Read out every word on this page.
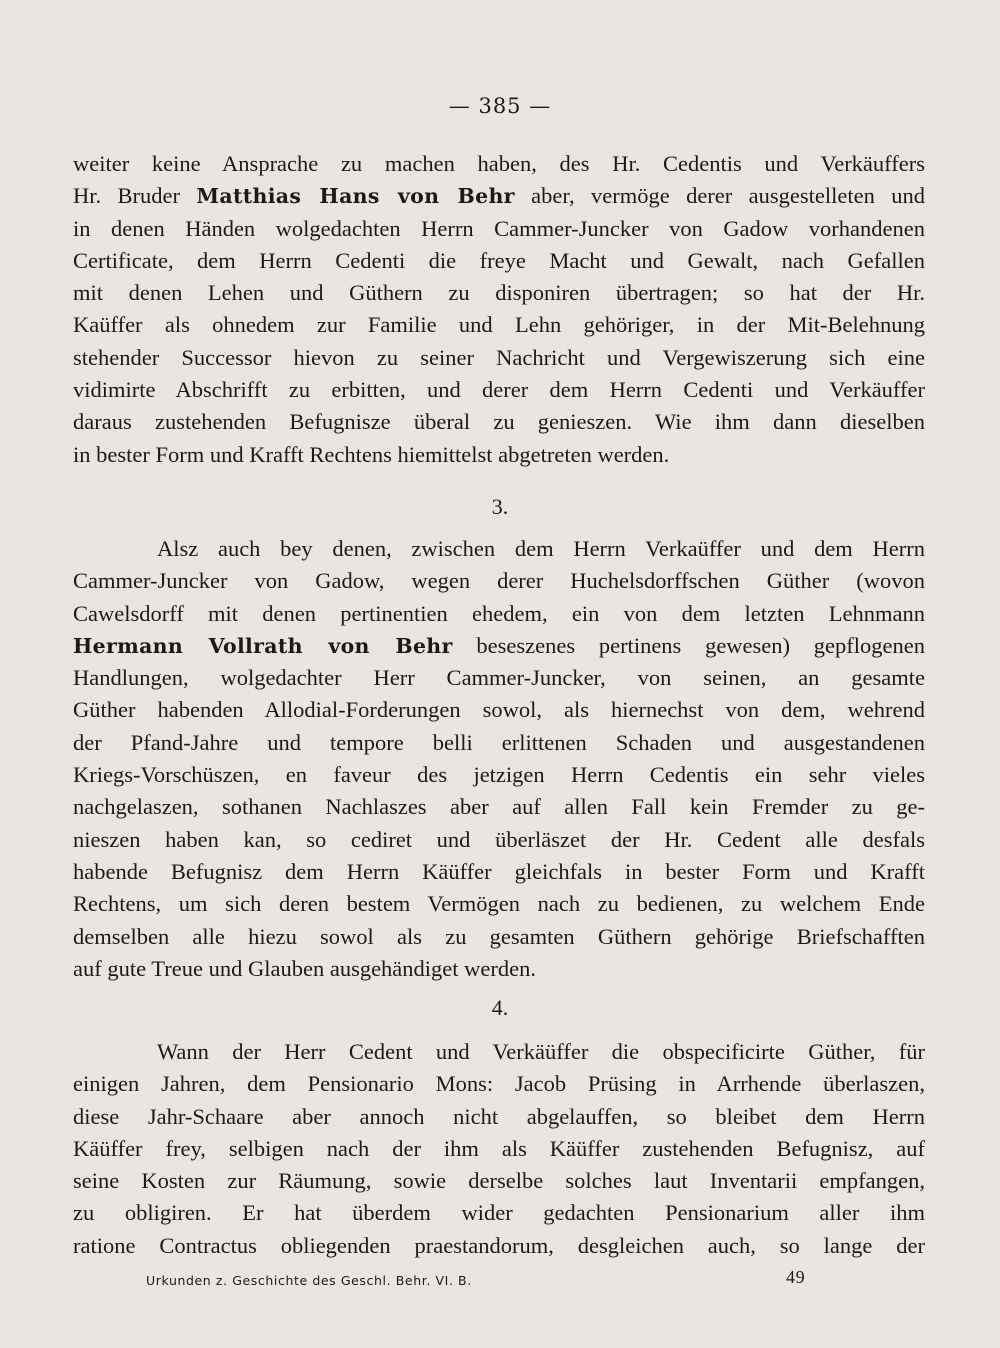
— 385 —
weiter keine Ansprache zu machen haben, des Hr. Cedentis und Verkäuffers
Hr. Bruder Matthias Hans von Behr aber, vermöge derer ausgestelleten und
in denen Händen wolgedachten Herrn Cammer-Juncker von Gadow vorhandenen
Certificate, dem Herrn Cedenti die freye Macht und Gewalt, nach Gefallen
mit denen Lehen und Güthern zu disponiren übertragen; so hat der Hr.
Kaüffer als ohnedem zur Familie und Lehn gehöriger, in der Mit-Belehnung
stehender Successor hievon zu seiner Nachricht und Vergewiszerung sich eine
vidimirte Abschrifft zu erbitten, und derer dem Herrn Cedenti und Verkäuffer
daraus zustehenden Befugnisze überal zu genieszen. Wie ihm dann dieselben
in bester Form und Krafft Rechtens hiemittelst abgetreten werden.
3.
Alsz auch bey denen, zwischen dem Herrn Verkaüffer und dem Herrn
Cammer-Juncker von Gadow, wegen derer Huchelsdorffschen Güther (wovon
Cawelsdorff mit denen pertinentien ehedem, ein von dem letzten Lehnmann
Hermann Vollrath von Behr beseszenes pertinens gewesen) gepflogenen
Handlungen, wolgedachter Herr Cammer-Juncker, von seinen, an gesamte
Güther habenden Allodial-Forderungen sowol, als hiernechst von dem, wehrend
der Pfand-Jahre und tempore belli erlittenen Schaden und ausgestandenen
Kriegs-Vorschüszen, en faveur des jetzigen Herrn Cedentis ein sehr vieles
nachgelaszen, sothanen Nachlaszes aber auf allen Fall kein Fremder zu ge-
nieszen haben kan, so cediret und überläszet der Hr. Cedent alle desfals
habende Befugnisz dem Herrn Käüffer gleichfals in bester Form und Krafft
Rechtens, um sich deren bestem Vermögen nach zu bedienen, zu welchem Ende
demselben alle hiezu sowol als zu gesamten Güthern gehörige Briefschafften
auf gute Treue und Glauben ausgehändiget werden.
4.
Wann der Herr Cedent und Verkäüffer die obspecificirte Güther, für
einigen Jahren, dem Pensionario Mons: Jacob Prüsing in Arrhende überlaszen,
diese Jahr-Schaare aber annoch nicht abgelauffen, so bleibet dem Herrn
Käüffer frey, selbigen nach der ihm als Käüffer zustehenden Befugnisz, auf
seine Kosten zur Räumung, sowie derselbe solches laut Inventarii empfangen,
zu obligiren. Er hat überdem wider gedachten Pensionarium aller ihm
ratione Contractus obliegenden praestandorum, desgleichen auch, so lange der
Urkunden z. Geschichte des Geschl. Behr. VI. B.	49
